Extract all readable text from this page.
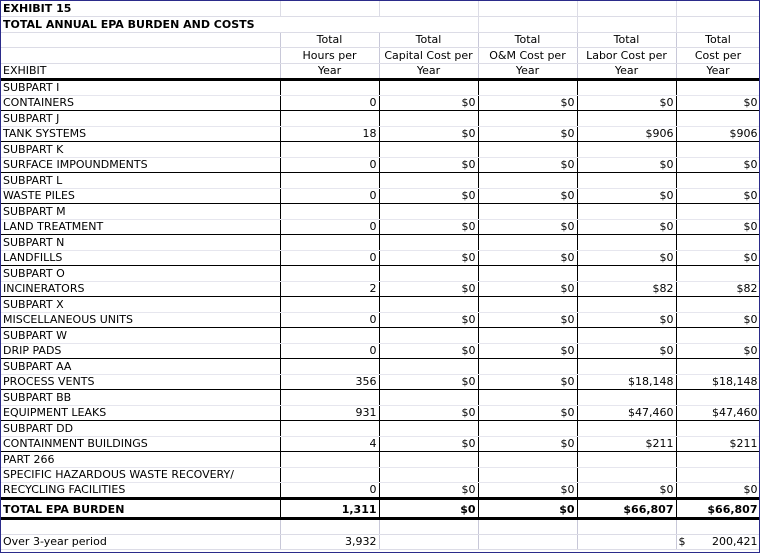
EXHIBIT 15					
TOTAL ANNUAL EPA BURDEN AND COSTS					
	Total	Total	Total	Total	Total
	Hours per	Capital Cost per	O&M Cost per	Labor Cost per	Cost per
EXHIBIT	Year	Year	Year	Year	Year
SUBPART I					
CONTAINERS	0	$0	$0	$0	$0
SUBPART J					
TANK SYSTEMS	18	$0	$0	$906	$906
SUBPART K					
SURFACE IMPOUNDMENTS	0	$0	$0	$0	$0
SUBPART L					
WASTE PILES	0	$0	$0	$0	$0
SUBPART M					
LAND TREATMENT	0	$0	$0	$0	$0
SUBPART N					
LANDFILLS	0	$0	$0	$0	$0
SUBPART O					
INCINERATORS	2	$0	$0	$82	$82
SUBPART X					
MISCELLANEOUS UNITS	0	$0	$0	$0	$0
SUBPART W					
DRIP PADS	0	$0	$0	$0	$0
SUBPART AA					
PROCESS VENTS	356	$0	$0	$18,148	$18,148
SUBPART BB					
EQUIPMENT LEAKS	931	$0	$0	$47,460	$47,460
SUBPART DD					
CONTAINMENT BUILDINGS	4	$0	$0	$211	$211
PART 266					
SPECIFIC HAZARDOUS WASTE RECOVERY/					
RECYCLING FACILITIES	0	$0	$0	$0	$0
TOTAL EPA BURDEN	1,311	$0	$0	$66,807	$66,807

Over 3-year period	3,932				$ 200,421
